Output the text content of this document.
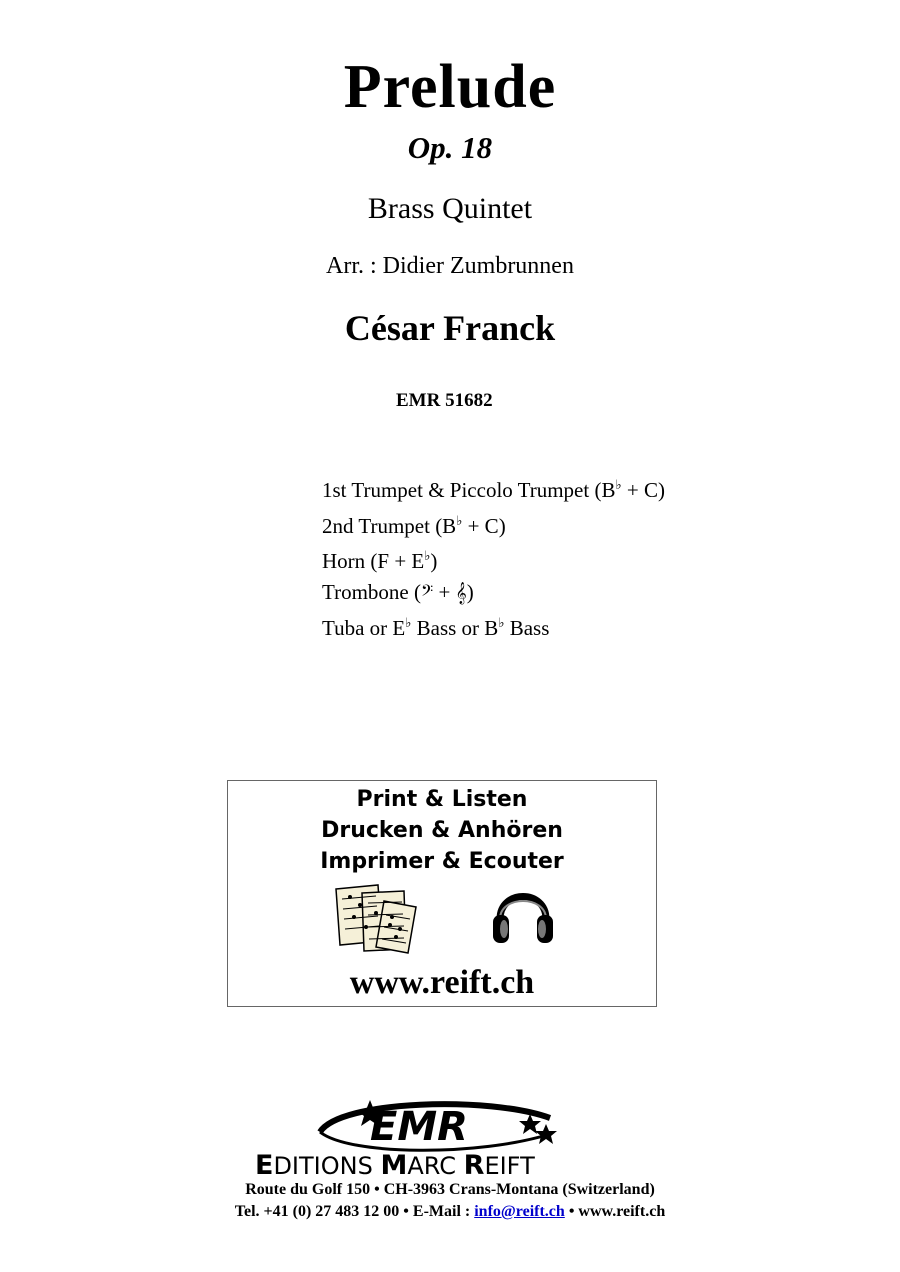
Prelude
Op. 18
Brass Quintet
Arr. : Didier Zumbrunnen
César Franck
EMR 51682
1st Trumpet & Piccolo Trumpet (B♭ + C)
2nd Trumpet (B♭ + C)
Horn (F + E♭)
Trombone (𝄢 + 𝄞)
Tuba or E♭ Bass or B♭ Bass
Print & Listen
Drucken & Anhören
Imprimer & Ecouter
www.reift.ch
EMR
EDITIONS MARC REIFT
Route du Golf 150 • CH-3963 Crans-Montana (Switzerland)
Tel. +41 (0) 27 483 12 00 • E-Mail : info@reift.ch • www.reift.ch
